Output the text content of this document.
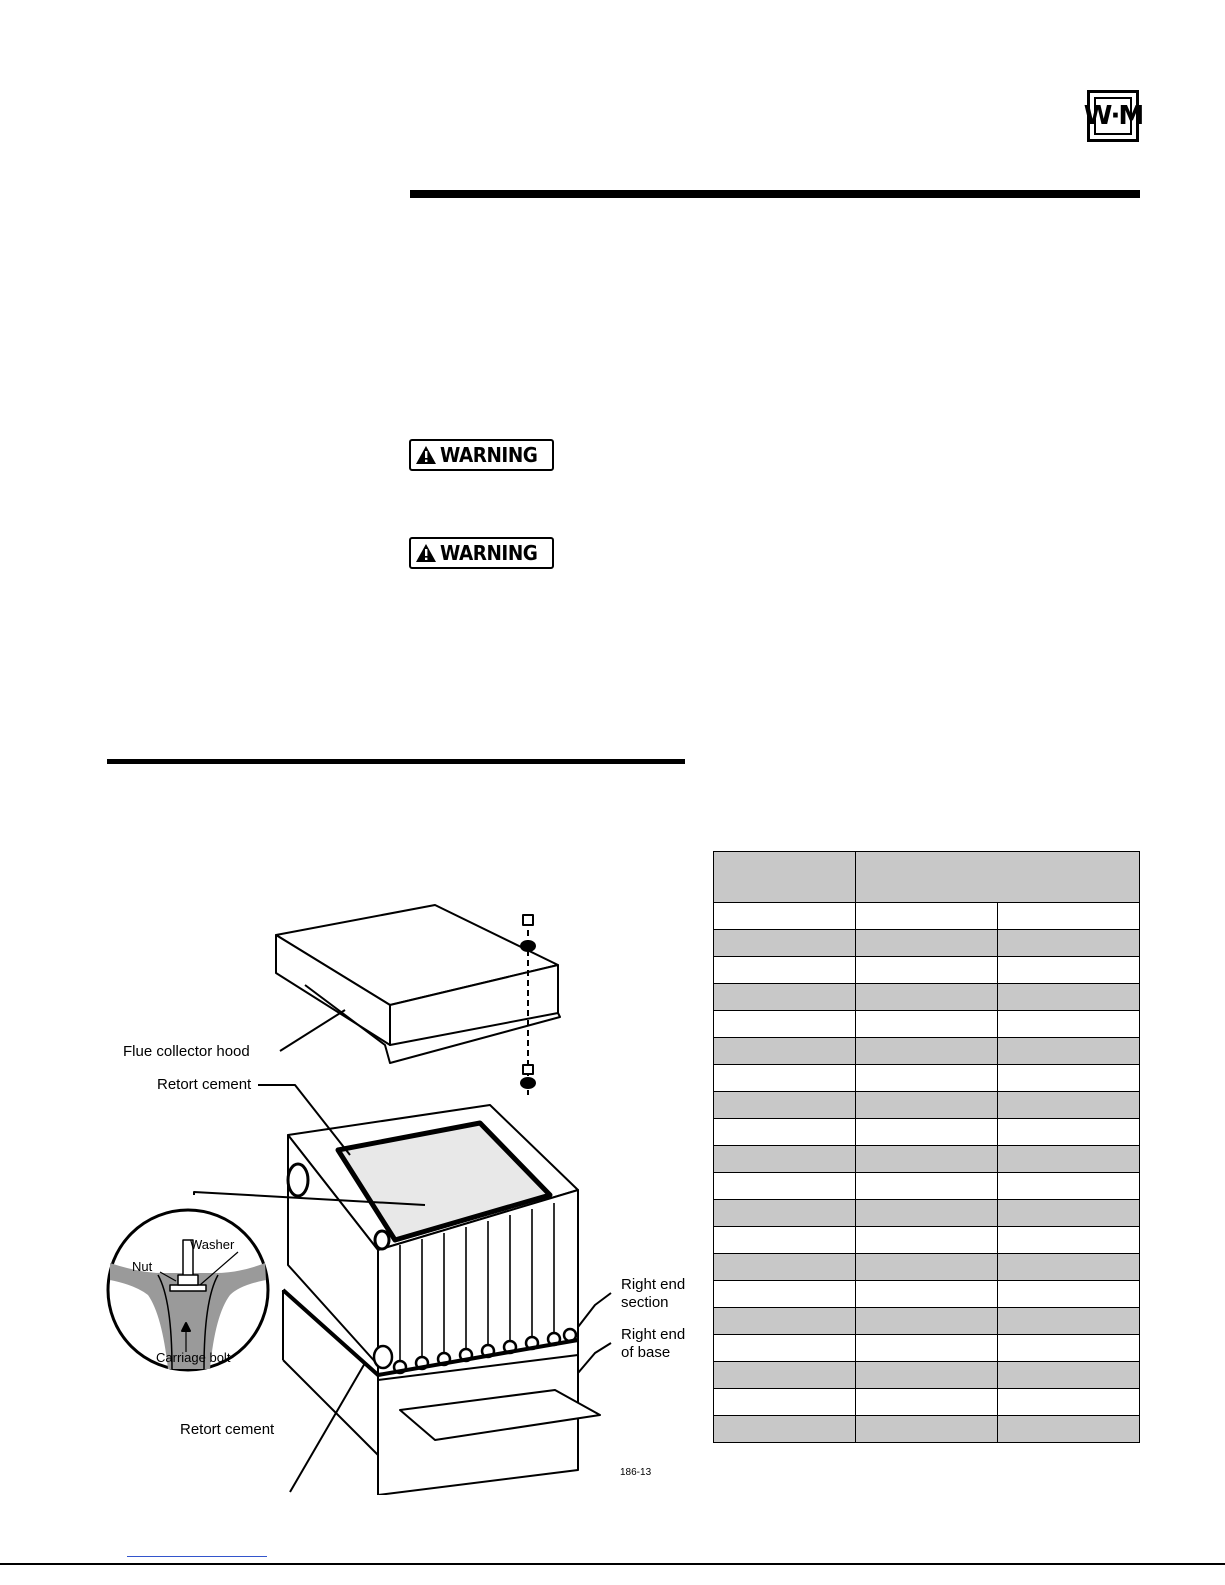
W·M
WARNING
WARNING
Flue collector hood
Retort cement
Washer
Nut
Carriage bolt
Right end
section
Right end
of base
Retort cement
186-13
